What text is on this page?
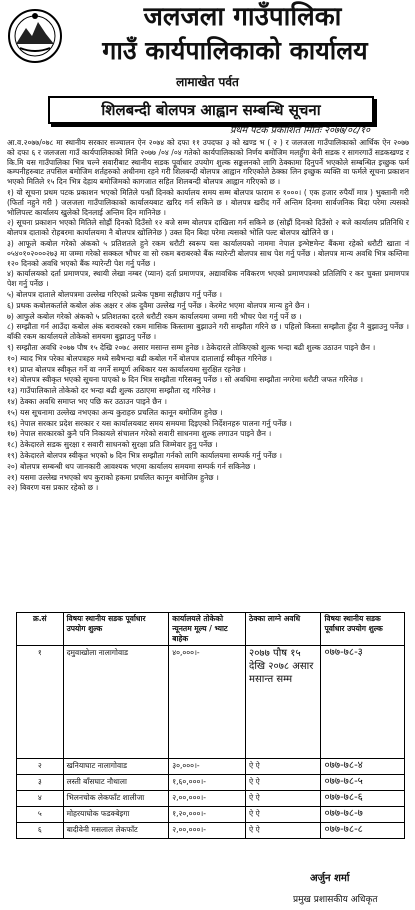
जलजला गाउँपालिका
गाउँ कार्यपालिकाको कार्यालय
लामाखेत पर्वत
शिलबन्दी बोलपत्र आह्वान सम्बन्धि सूचना
प्रथम पटक प्रकाशित मितिः २०७७/०८/१०

आ.व.२०७७/०७८ मा स्थानीय सरकार सञ्चालन ऐन २०७४ को दफा ११ उपदफा ३ को खण्ड भ ( २ ) र जलजला गाउँपालिकाको आर्थिक ऐन २०७७ को दफा ६ र जलजला गाउँ कार्यपालिकाको मिति २०७७ /०४ /०४ गतेको कार्यपालिकाको निर्णय बमोजिम मलहुँगा बेनी सडक र सागरगाउँ सडकखण्ड र कि.मि यस गाउँपालिका भित्र चल्ने सवारीबाट स्थानीय सडक पूर्वाधार उपयोग शुल्क सङ्कलनको लागि ठेक्कामा दिनुपर्ने भएकोले सम्बन्धित इच्छुक फर्म कम्पनीहरुबाट तपसिल बमोजिम शर्तहरुको अधीनमा रहने गरी शिलबन्दी बोलपत्र आह्वान गरिएकोले ठेक्का लिन इच्छुक व्यक्ति वा फर्मले सूचना प्रकाशन भएको मितिले १५ दिन भित्र देहाय बमोजिमको कागजात सहित शिलबन्दी बोलपत्र आह्वान गरिएको छ ।

१) यो सूचना प्रथम पटक प्रकाशन भएको मितिले पन्ध्रौं दिनको कार्यालय समय सम्म बोलपत्र फाराम रु १०००। ( एक हजार रुपैयाँ मात्र ) भुक्तानी गरी (फिर्ता नहुने गरी ) जलजला गाउँपालिकाको कार्यालयबाट खरिद गर्न सकिने छ । बोलपत्र खरीद गर्ने अन्तिम दिनमा सार्वजनिक बिदा परेमा त्यसको भोलिपल्ट कार्यालय खुलेको दिनलाई अन्तिम दिन मानिनेछ ।

२) सूचना प्रकाशन भएको मितिले सोह्रौं दिनको दिउँसो १२ बजे सम्म बोलपत्र दाखिला गर्न सकिने छ (सोह्रौं दिनको दिउँसो २ बजे कार्यालय प्रतिनिधि र बोलपत्र दाताको रोहबरमा कार्यालयमा नै बोलपत्र खोलिनेछ ) उक्त दिन बिदा परेमा त्यसको भोलि पल्ट बोलपत्र खोलिने छ ।

३) आफूले कबोल गरेको अंकको ५ प्रतिशतले हुने रकम धरौटी स्वरूप यस कार्यालयको नाममा नेपाल इन्भेष्टमेन्ट बैंकमा रहेको धरौटी खाता नं ०५४०१०२०००२७३ मा जम्मा गरेको सक्कल भौचर वा सो रकम बराबरको बैंक ग्यारेन्टी बोलपत्र साथ पेश गर्नु पर्नेछ । बोलपत्र मान्य अवधि भित्र कम्तिमा १२० दिनको अवधि भएको बैंक ग्यारेन्टी पेश गर्नु पर्नेछ ।

४) कार्यालयको दर्ता प्रमाणपत्र, स्थायी लेखा नम्बर (प्यान) दर्ता प्रमाणपत्र, अद्यावधिक नविकरण भएको प्रमाणपत्रको प्रतिलिपि र कर चुक्ता प्रमाणपत्र पेश गर्नु पर्नेछ ।

५) बोलपत्र दाताले बोलपत्रमा उल्लेख गरिएको प्रत्येक पृष्ठमा सहीछाप गर्नु पर्नेछ ।

६) प्रथक कबोलकर्ताले कबोल अंक अक्षर र अंक दुवैमा उल्लेख गर्नु पर्नेछ । केरमेट भएमा बोलपत्र मान्य हुने छैन ।

७) आफुले कबोल गरेको अंकको ५ प्रतिशतका दरले धरौटी रकम कार्यालयमा जम्मा गरी भौचर पेश गर्नु पर्ने छ ।

८) सम्झौता गर्न आउँदा कबोल अंक बराबरको रकम मासिक किस्तामा बुझाउने गरी सम्झौता गरिने छ । पहिलो किस्ता सम्झौता हुँदा नै बुझाउनु पर्नेछ । बाँकी रकम कार्यालयले तोकेको समयमा बुझाउनु पर्नेछ ।

९) सम्झौता अवधि २०७७ पौष १५ देखि २०७८ असार मसान्त सम्म हुनेछ । ठेकेदारले तोकिएको शुल्क भन्दा बढी शुल्क उठाउन पाइने छैन ।

१०) म्याद भित्र परेका बोलपत्रहरु मध्ये सबैभन्दा बढी कबोल गर्ने बोलपत्र दातालाई स्वीकृत गरिनेछ ।

११) प्राप्त बोलपत्र स्वीकृत गर्ने वा नगर्ने सम्पूर्ण अधिकार यस कार्यालयमा सुरक्षित रहनेछ ।

१२) बोलपत्र स्वीकृत भएको सूचना पाएको ७ दिन भित्र सम्झौता गरिसक्नु पर्नेछ । सो अवधिमा सम्झौता नगरेमा धरौटी जफत गरिनेछ ।

१३) गाउँपालिकाले तोकेको दर भन्दा बढी शुल्क उठाएमा सम्झौता रद्द गरिनेछ ।

१४) ठेक्का अवधि समाप्त भए पछि कर उठाउन पाइने छैन ।

१५) यस सूचनामा उल्लेख नभएका अन्य कुराहरु प्रचलित कानून बमोजिम हुनेछ ।

१६) नेपाल सरकार प्रदेश सरकार र यस कार्यालयबाट समय समयमा दिइएको निर्देशनहरु पालना गर्नु पर्नेछ ।

१७) नेपाल सरकारको कुनै पनि निकायले संचालन गरेको सवारी साधनमा शुल्क लगाउन पाइने छैन ।

१८) ठेकेदारले सडक सुरक्षा र सवारी साधनको सुरक्षा प्रति जिम्मेवार हुनु पर्नेछ ।

१९) ठेकेदारले बोलपत्र स्वीकृत भएको ७ दिन भित्र सम्झौता गर्नको लागि कार्यालयमा सम्पर्क गर्नु पर्नेछ ।

२०) बोलपत्र सम्बन्धी थप जानकारी आवश्यक भएमा कार्यालय समयमा सम्पर्क गर्न सकिनेछ ।

२१) यसमा उल्लेख नभएको थप कुराको हकमा प्रचलित कानून बमोजिम हुनेछ ।

२२) बिवरण यस प्रकार रहेको छ ।

क्र.सं	विषयः स्थानीय सडक पूर्वाधार उपयोग शुल्क	कार्यालयले तोकेको न्यूनतम मूल्य / भ्याट बाहेक	ठेक्का लाग्ने अवधि	विषयः स्थानीय सडक पूर्वाधार उपयोग शुल्क
१	दमुवाखोला नालागोवाड	४०,०००।-	२०७७ पौष १५ देखि २०७८ असार मसान्त सम्म	०७७-७८-३
२	खनियाघाट नालागोवाड	३०,०००।-	ऐ ऐ	०७७-७८-४
३	लस्ती बाँसघाट नौथाला	१,६०,०००।-	ऐ ऐ	०७७-७८-५
४	भिलनचोक लेकफाँट शालीजा	२,००,०००।-	ऐ ऐ	०७७-७८-६
५	मोहरयाघोक फडक्बेइगा	१,२०,०००।-	ऐ ऐ	०७७-७८-७
६	बादीवेनी मसलाल लेकफाँट	२,००,०००।-	ऐ ऐ	०७७-७८-८
अर्जुन शर्मा
प्रमुख प्रशासकीय अधिकृत
